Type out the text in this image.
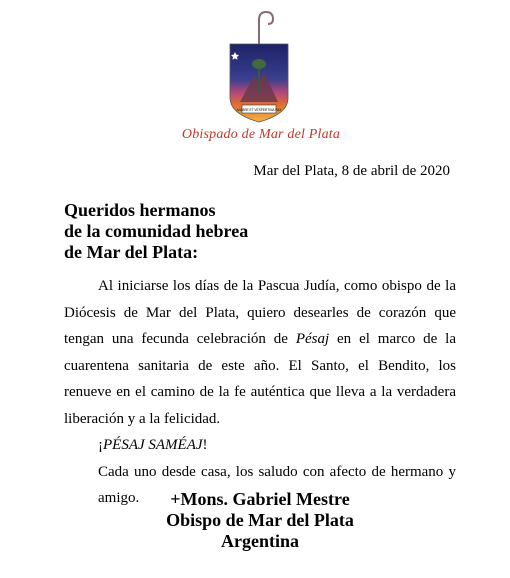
A MARE ET VESPERTINA PAX
Obispado de Mar del Plata
Mar del Plata, 8 de abril de 2020
Queridos hermanos
de la comunidad hebrea
de Mar del Plata:

Al iniciarse los días de la Pascua Judía, como obispo de la Diócesis de Mar del Plata, quiero desearles de corazón que tengan una fecunda celebración de Pésaj en el marco de la cuarentena sanitaria de este año. El Santo, el Bendito, los renueve en el camino de la fe auténtica que lleva a la verdadera liberación y a la felicidad.

¡PÉSAJ SAMÉAJ!

Cada uno desde casa, los saludo con afecto de hermano y amigo.	+Mons. Gabriel Mestre
Obispo de Mar del Plata
Argentina
